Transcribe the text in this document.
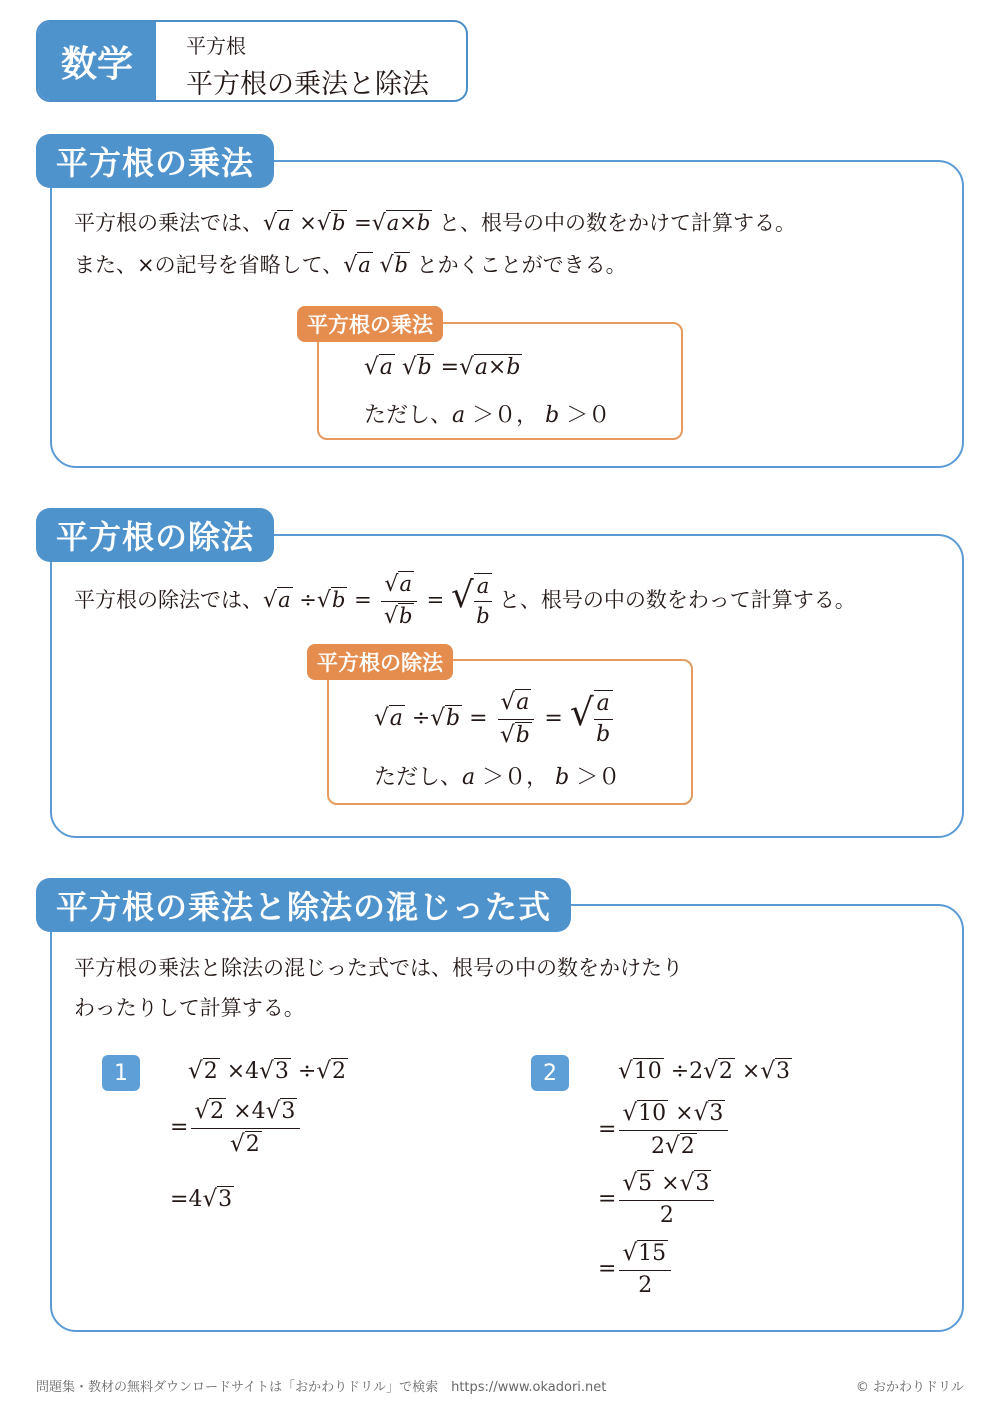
数学	平方根
平方根の乗法と除法
平方根の乗法
平方根の乗法では、√a ×√b =√a×b と、根号の中の数をかけて計算する。
また、×の記号を省略して、√a √b とかくことができる。
平方根の乗法
√a √b =√a×b
ただし、a ＞０， b ＞０
平方根の除法
平方根の除法では、$√a \div√b = \frac{√a}{√b}$ = √ $\frac{a}{b}$ と、根号の中の数をわって計算する。
平方根の除法
$√a \div√b = \frac{√a}{√b}$ = √ $\frac{a}{b}$
ただし、a ＞０， b ＞０
平方根の乗法と除法の混じった式
平方根の乗法と除法の混じった式では、根号の中の数をかけたり
わったりして計算する。
1	√2 ×4√3 ÷√2
= $\frac{√2 \times 4√3}{√2}$
=4√3
2	√10 ÷2√2 ×√3
= $\frac{√10 \times√3}{2√2}$
= $\frac{√5 \times√3}{2}$
= $\frac{√15}{2}$
問題集・教材の無料ダウンロードサイトは「おかわりドリル」で検索　https://www.okadori.net	© おかわりドリル
